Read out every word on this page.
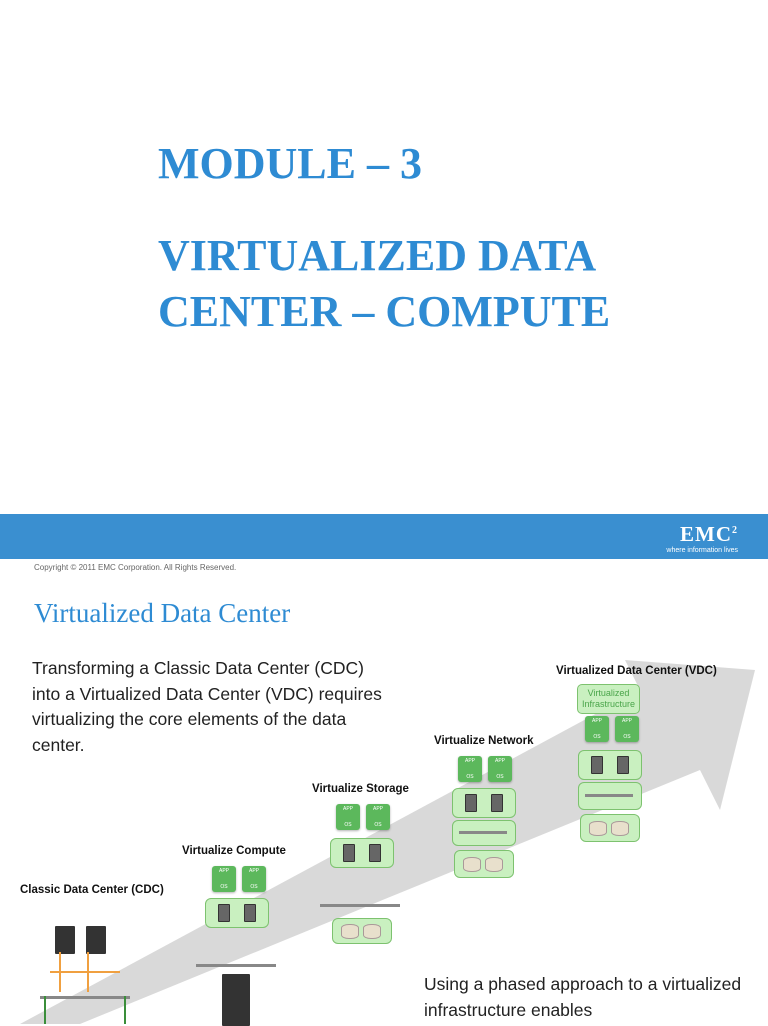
MODULE – 3
VIRTUALIZED DATA CENTER – COMPUTE
EMC$^2$
where information lives
Copyright © 2011 EMC Corporation. All Rights Reserved.
Virtualized Data Center
Transforming a Classic Data Center (CDC) into a Virtualized Data Center (VDC) requires virtualizing the core elements of the data center.
Classic Data Center (CDC)
Virtualize Compute
Virtualize Storage
Virtualize Network
Virtualized Data Center (VDC)
APP
OS
APP
OS
APP
OS
APP
OS
APP
OS
APP
OS
Virtualized Infrastructure
APP
OS
APP
OS
Using a phased approach to a virtualized infrastructure enables
